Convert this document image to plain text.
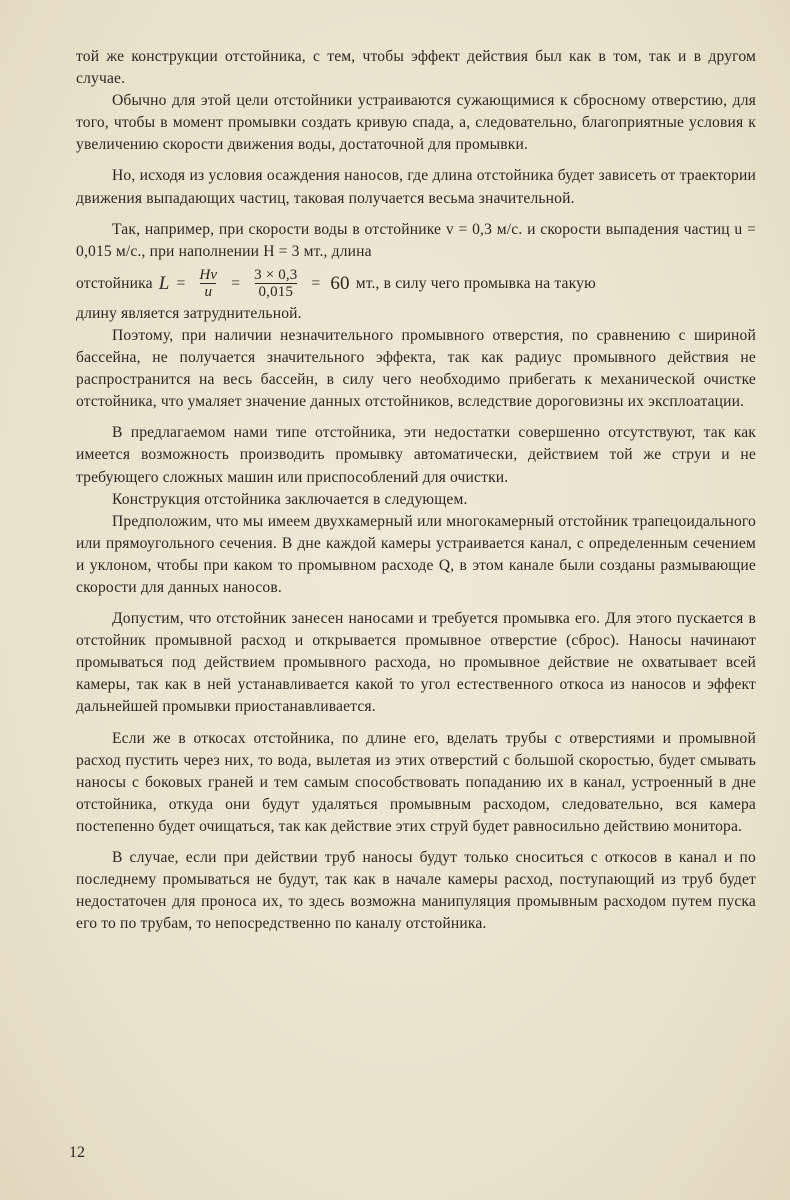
той же конструкции отстойника, с тем, чтобы эффект действия был как в том, так и в другом случае.

Обычно для этой цели отстойники устраиваются сужающимися к сбросному отверстию, для того, чтобы в момент промывки создать кривую спада, а, следовательно, благоприятные условия к увеличению скорости движения воды, достаточной для промывки.

Но, исходя из условия осаждения наносов, где длина отстойника будет зависеть от траектории движения выпадающих частиц, таковая получается весьма значительной.

Так, например, при скорости воды в отстойнике v = 0,3 м/с. и скорости выпадения частиц u = 0,015 м/с., при наполнении H = 3 мт., длина

отстойника $L = \frac{Hv}{u} = \frac{3 \times 0,3}{0,015} = 60$ мт., в силу чего промывка на такую

длину является затруднительной.

Поэтому, при наличии незначительного промывного отверстия, по сравнению с шириной бассейна, не получается значительного эффекта, так как радиус промывного действия не распространится на весь бассейн, в силу чего необходимо прибегать к механической очистке отстойника, что умаляет значение данных отстойников, вследствие дороговизны их эксплоатации.

В предлагаемом нами типе отстойника, эти недостатки совершенно отсутствуют, так как имеется возможность производить промывку автоматически, действием той же струи и не требующего сложных машин или приспособлений для очистки.

Конструкция отстойника заключается в следующем.

Предположим, что мы имеем двухкамерный или многокамерный отстойник трапецоидального или прямоугольного сечения. В дне каждой камеры устраивается канал, с определенным сечением и уклоном, чтобы при каком то промывном расходе Q, в этом канале были созданы размывающие скорости для данных наносов.

Допустим, что отстойник занесен наносами и требуется промывка его. Для этого пускается в отстойник промывной расход и открывается промывное отверстие (сброс). Наносы начинают промываться под действием промывного расхода, но промывное действие не охватывает всей камеры, так как в ней устанавливается какой то угол естественного откоса из наносов и эффект дальнейшей промывки приостанавливается.

Если же в откосах отстойника, по длине его, вделать трубы с отверстиями и промывной расход пустить через них, то вода, вылетая из этих отверстий с большой скоростью, будет смывать наносы с боковых граней и тем самым способствовать попаданию их в канал, устроенный в дне отстойника, откуда они будут удаляться промывным расходом, следовательно, вся камера постепенно будет очищаться, так как действие этих струй будет равносильно действию монитора.

В случае, если при действии труб наносы будут только сноситься с откосов в канал и по последнему промываться не будут, так как в начале камеры расход, поступающий из труб будет недостаточен для проноса их, то здесь возможна манипуляция промывным расходом путем пуска его то по трубам, то непосредственно по каналу отстойника.

12
